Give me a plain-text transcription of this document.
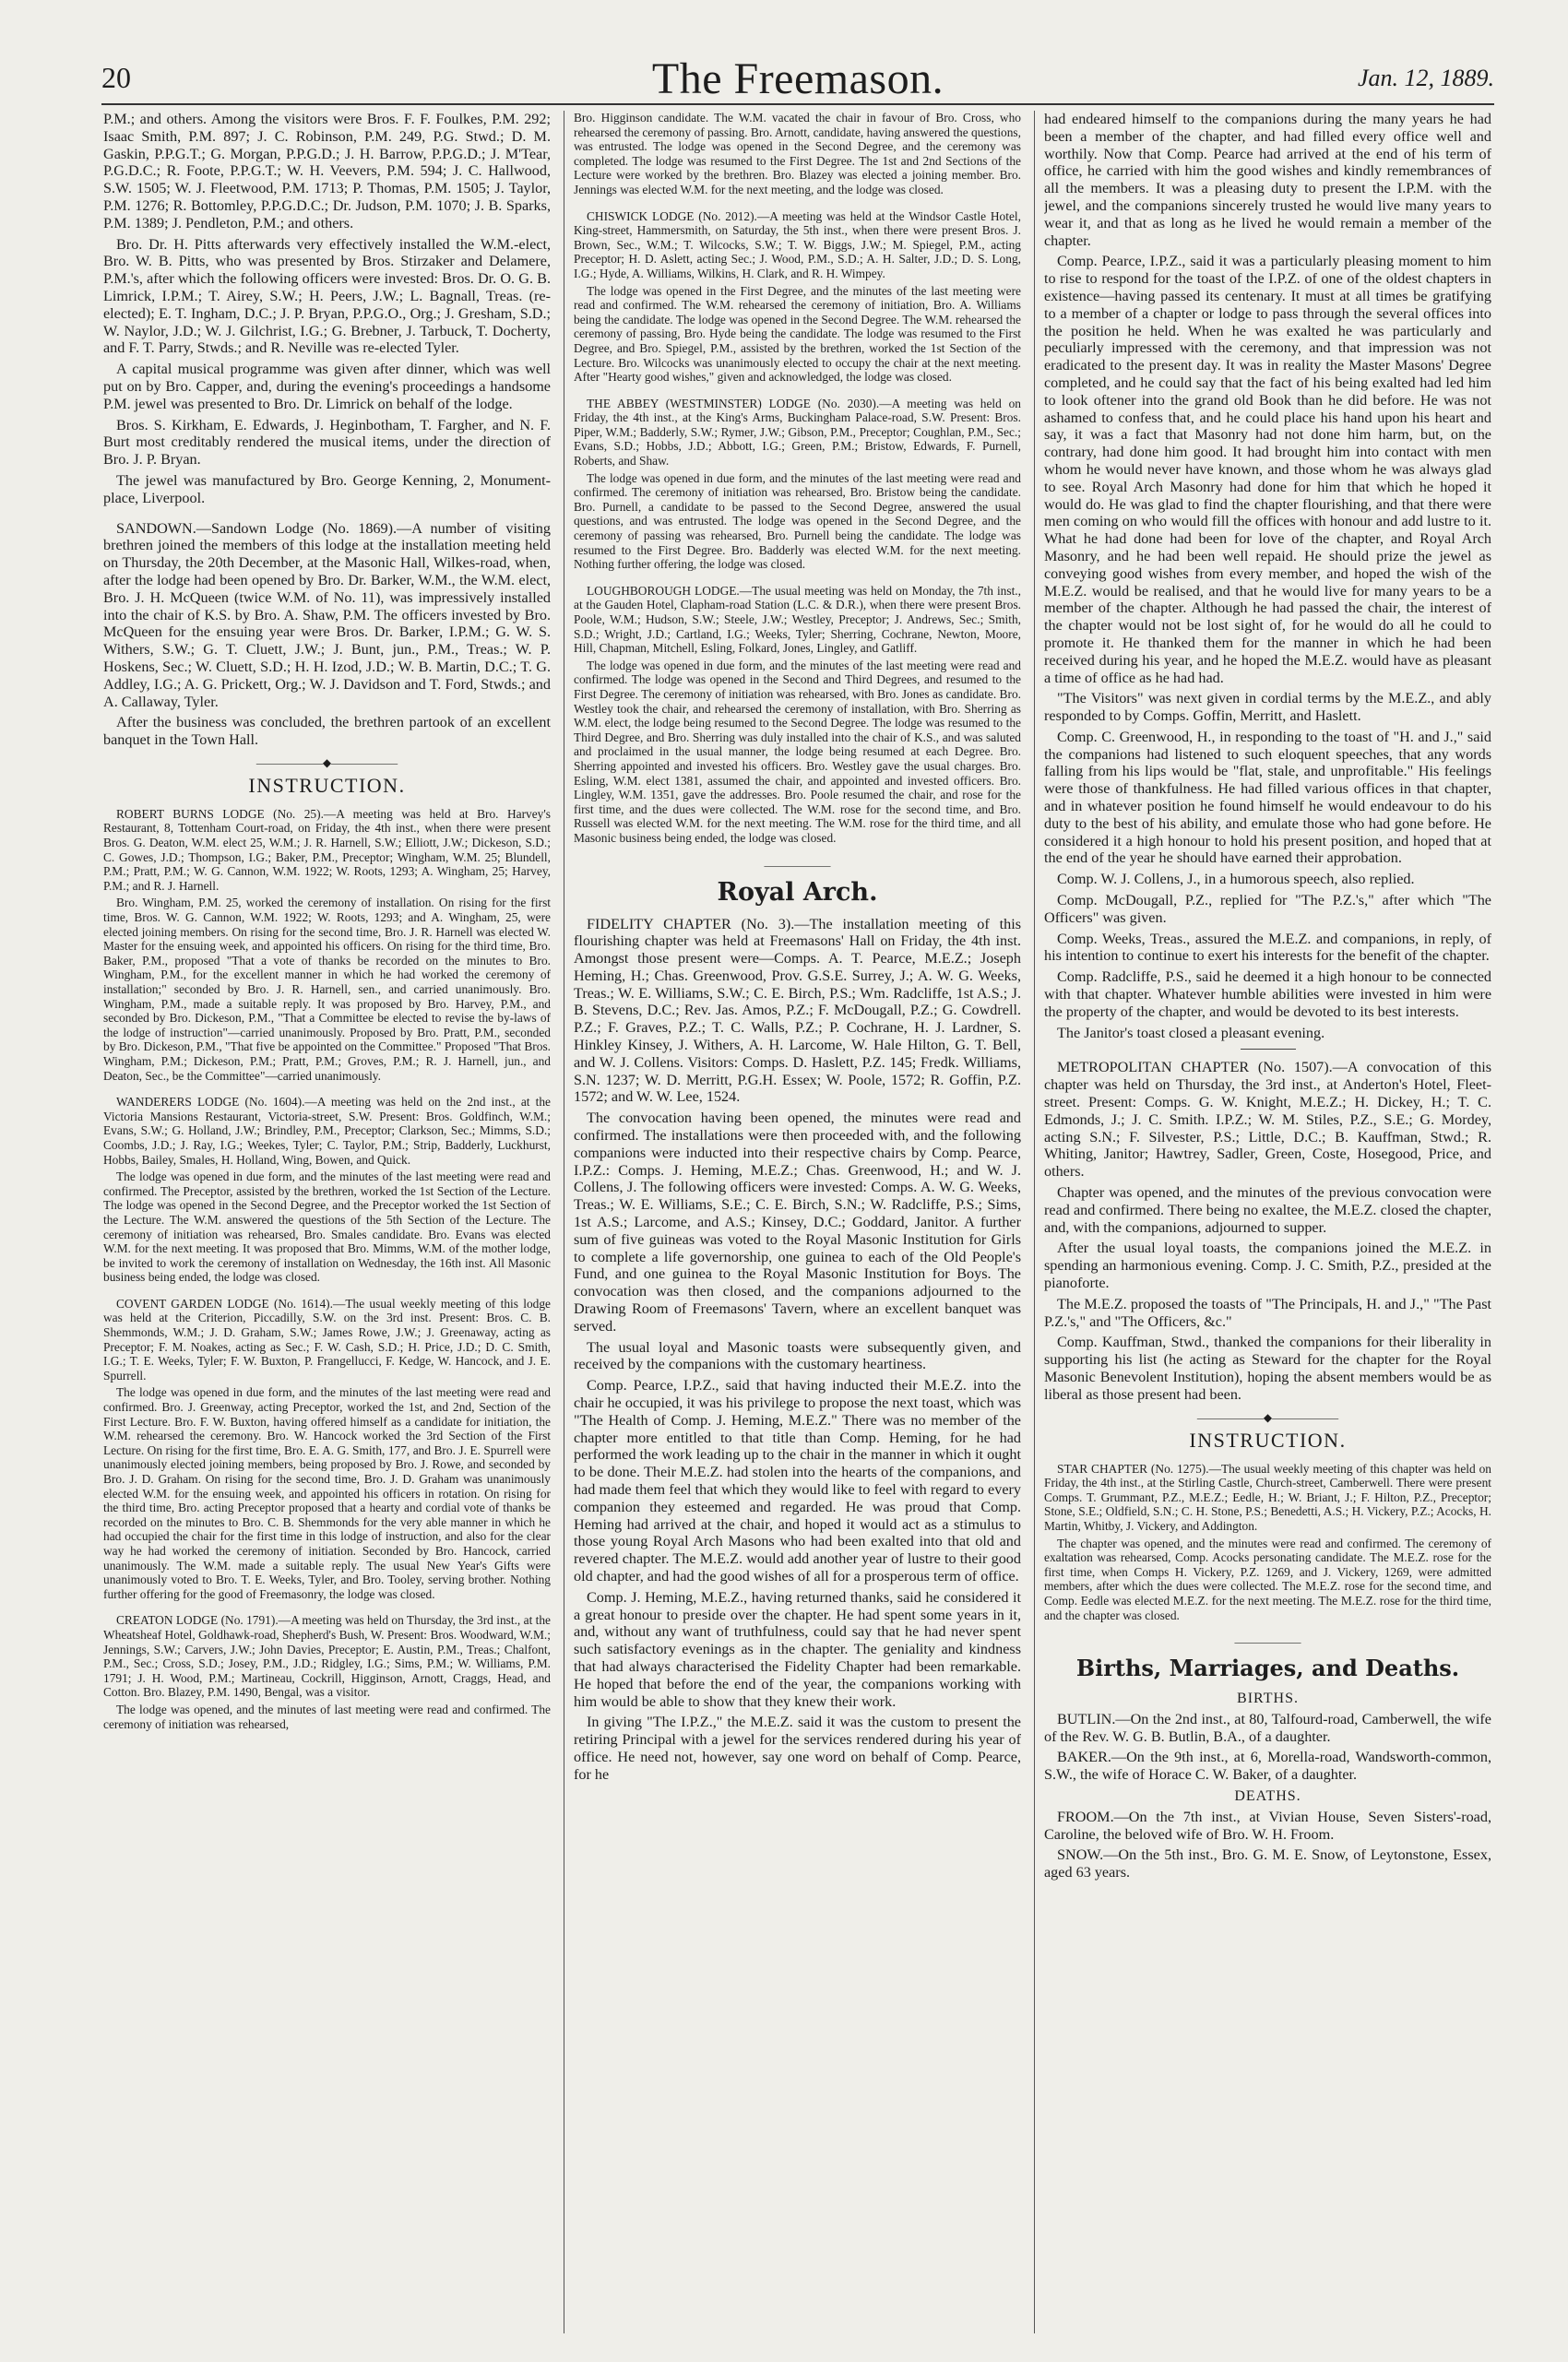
20	The Freemason.	Jan. 12, 1889.

P.M.; and others. Among the visitors were Bros. F. F. Foulkes, P.M. 292; Isaac Smith, P.M. 897; J. C. Robinson, P.M. 249, P.G. Stwd.; D. M. Gaskin, P.P.G.T.; G. Morgan, P.P.G.D.; J. H. Barrow, P.P.G.D.; J. M'Tear, P.G.D.C.; R. Foote, P.P.G.T.; W. H. Veevers, P.M. 594; J. C. Hallwood, S.W. 1505; W. J. Fleetwood, P.M. 1713; P. Thomas, P.M. 1505; J. Taylor, P.M. 1276; R. Bottomley, P.P.G.D.C.; Dr. Judson, P.M. 1070; J. B. Sparks, P.M. 1389; J. Pendleton, P.M.; and others.

Bro. Dr. H. Pitts afterwards very effectively installed the W.M.-elect, Bro. W. B. Pitts, who was presented by Bros. Stirzaker and Delamere, P.M.'s, after which the following officers were invested: Bros. Dr. O. G. B. Limrick, I.P.M.; T. Airey, S.W.; H. Peers, J.W.; L. Bagnall, Treas. (re-elected); E. T. Ingham, D.C.; J. P. Bryan, P.P.G.O., Org.; J. Gresham, S.D.; W. Naylor, J.D.; W. J. Gilchrist, I.G.; G. Brebner, J. Tarbuck, T. Docherty, and F. T. Parry, Stwds.; and R. Neville was re-elected Tyler.

A capital musical programme was given after dinner, which was well put on by Bro. Capper, and, during the evening's proceedings a handsome P.M. jewel was presented to Bro. Dr. Limrick on behalf of the lodge.

Bros. S. Kirkham, E. Edwards, J. Heginbotham, T. Fargher, and N. F. Burt most creditably rendered the musical items, under the direction of Bro. J. P. Bryan.

The jewel was manufactured by Bro. George Kenning, 2, Monument-place, Liverpool.

SANDOWN.—Sandown Lodge (No. 1869).—A number of visiting brethren joined the members of this lodge at the installation meeting held on Thursday, the 20th December, at the Masonic Hall, Wilkes-road, when, after the lodge had been opened by Bro. Dr. Barker, W.M., the W.M. elect, Bro. J. H. McQueen (twice W.M. of No. 11), was impressively installed into the chair of K.S. by Bro. A. Shaw, P.M. The officers invested by Bro. McQueen for the ensuing year were Bros. Dr. Barker, I.P.M.; G. W. S. Withers, S.W.; G. T. Cluett, J.W.; J. Bunt, jun., P.M., Treas.; W. P. Hoskens, Sec.; W. Cluett, S.D.; H. H. Izod, J.D.; W. B. Martin, D.C.; T. G. Addley, I.G.; A. G. Prickett, Org.; W. J. Davidson and T. Ford, Stwds.; and A. Callaway, Tyler.

After the business was concluded, the brethren partook of an excellent banquet in the Town Hall.

——————◆——————
INSTRUCTION.

ROBERT BURNS LODGE (No. 25).—A meeting was held at Bro. Harvey's Restaurant, 8, Tottenham Court-road, on Friday, the 4th inst., when there were present Bros. G. Deaton, W.M. elect 25, W.M.; J. R. Harnell, S.W.; Elliott, J.W.; Dickeson, S.D.; C. Gowes, J.D.; Thompson, I.G.; Baker, P.M., Preceptor; Wingham, W.M. 25; Blundell, P.M.; Pratt, P.M.; W. G. Cannon, W.M. 1922; W. Roots, 1293; A. Wingham, 25; Harvey, P.M.; and R. J. Harnell.

Bro. Wingham, P.M. 25, worked the ceremony of installation. On rising for the first time, Bros. W. G. Cannon, W.M. 1922; W. Roots, 1293; and A. Wingham, 25, were elected joining members. On rising for the second time, Bro. J. R. Harnell was elected W. Master for the ensuing week, and appointed his officers. On rising for the third time, Bro. Baker, P.M., proposed "That a vote of thanks be recorded on the minutes to Bro. Wingham, P.M., for the excellent manner in which he had worked the ceremony of installation;" seconded by Bro. J. R. Harnell, sen., and carried unanimously. Bro. Wingham, P.M., made a suitable reply. It was proposed by Bro. Harvey, P.M., and seconded by Bro. Dickeson, P.M., "That a Committee be elected to revise the by-laws of the lodge of instruction"—carried unanimously. Proposed by Bro. Pratt, P.M., seconded by Bro. Dickeson, P.M., "That five be appointed on the Committee." Proposed "That Bros. Wingham, P.M.; Dickeson, P.M.; Pratt, P.M.; Groves, P.M.; R. J. Harnell, jun., and Deaton, Sec., be the Committee"—carried unanimously.

WANDERERS LODGE (No. 1604).—A meeting was held on the 2nd inst., at the Victoria Mansions Restaurant, Victoria-street, S.W. Present: Bros. Goldfinch, W.M.; Evans, S.W.; G. Holland, J.W.; Brindley, P.M., Preceptor; Clarkson, Sec.; Mimms, S.D.; Coombs, J.D.; J. Ray, I.G.; Weekes, Tyler; C. Taylor, P.M.; Strip, Badderly, Luckhurst, Hobbs, Bailey, Smales, H. Holland, Wing, Bowen, and Quick.

The lodge was opened in due form, and the minutes of the last meeting were read and confirmed. The Preceptor, assisted by the brethren, worked the 1st Section of the Lecture. The lodge was opened in the Second Degree, and the Preceptor worked the 1st Section of the Lecture. The W.M. answered the questions of the 5th Section of the Lecture. The ceremony of initiation was rehearsed, Bro. Smales candidate. Bro. Evans was elected W.M. for the next meeting. It was proposed that Bro. Mimms, W.M. of the mother lodge, be invited to work the ceremony of installation on Wednesday, the 16th inst. All Masonic business being ended, the lodge was closed.

COVENT GARDEN LODGE (No. 1614).—The usual weekly meeting of this lodge was held at the Criterion, Piccadilly, S.W. on the 3rd inst. Present: Bros. C. B. Shemmonds, W.M.; J. D. Graham, S.W.; James Rowe, J.W.; J. Greenaway, acting as Preceptor; F. M. Noakes, acting as Sec.; F. W. Cash, S.D.; H. Price, J.D.; D. C. Smith, I.G.; T. E. Weeks, Tyler; F. W. Buxton, P. Frangellucci, F. Kedge, W. Hancock, and J. E. Spurrell.

The lodge was opened in due form, and the minutes of the last meeting were read and confirmed. Bro. J. Greenway, acting Preceptor, worked the 1st, and 2nd, Section of the First Lecture. Bro. F. W. Buxton, having offered himself as a candidate for initiation, the W.M. rehearsed the ceremony. Bro. W. Hancock worked the 3rd Section of the First Lecture. On rising for the first time, Bro. E. A. G. Smith, 177, and Bro. J. E. Spurrell were unanimously elected joining members, being proposed by Bro. J. Rowe, and seconded by Bro. J. D. Graham. On rising for the second time, Bro. J. D. Graham was unanimously elected W.M. for the ensuing week, and appointed his officers in rotation. On rising for the third time, Bro. acting Preceptor proposed that a hearty and cordial vote of thanks be recorded on the minutes to Bro. C. B. Shemmonds for the very able manner in which he had occupied the chair for the first time in this lodge of instruction, and also for the clear way he had worked the ceremony of initiation. Seconded by Bro. Hancock, carried unanimously. The W.M. made a suitable reply. The usual New Year's Gifts were unanimously voted to Bro. T. E. Weeks, Tyler, and Bro. Tooley, serving brother. Nothing further offering for the good of Freemasonry, the lodge was closed.

CREATON LODGE (No. 1791).—A meeting was held on Thursday, the 3rd inst., at the Wheatsheaf Hotel, Goldhawk-road, Shepherd's Bush, W. Present: Bros. Woodward, W.M.; Jennings, S.W.; Carvers, J.W.; John Davies, Preceptor; E. Austin, P.M., Treas.; Chalfont, P.M., Sec.; Cross, S.D.; Josey, P.M., J.D.; Ridgley, I.G.; Sims, P.M.; W. Williams, P.M. 1791; J. H. Wood, P.M.; Martineau, Cockrill, Higginson, Arnott, Craggs, Head, and Cotton. Bro. Blazey, P.M. 1490, Bengal, was a visitor.

The lodge was opened, and the minutes of last meeting were read and confirmed. The ceremony of initiation was rehearsed,

Bro. Higginson candidate. The W.M. vacated the chair in favour of Bro. Cross, who rehearsed the ceremony of passing. Bro. Arnott, candidate, having answered the questions, was entrusted. The lodge was opened in the Second Degree, and the ceremony was completed. The lodge was resumed to the First Degree. The 1st and 2nd Sections of the Lecture were worked by the brethren. Bro. Blazey was elected a joining member. Bro. Jennings was elected W.M. for the next meeting, and the lodge was closed.

CHISWICK LODGE (No. 2012).—A meeting was held at the Windsor Castle Hotel, King-street, Hammersmith, on Saturday, the 5th inst., when there were present Bros. J. Brown, Sec., W.M.; T. Wilcocks, S.W.; T. W. Biggs, J.W.; M. Spiegel, P.M., acting Preceptor; H. D. Aslett, acting Sec.; J. Wood, P.M., S.D.; A. H. Salter, J.D.; D. S. Long, I.G.; Hyde, A. Williams, Wilkins, H. Clark, and R. H. Wimpey.

The lodge was opened in the First Degree, and the minutes of the last meeting were read and confirmed. The W.M. rehearsed the ceremony of initiation, Bro. A. Williams being the candidate. The lodge was opened in the Second Degree. The W.M. rehearsed the ceremony of passing, Bro. Hyde being the candidate. The lodge was resumed to the First Degree, and Bro. Spiegel, P.M., assisted by the brethren, worked the 1st Section of the Lecture. Bro. Wilcocks was unanimously elected to occupy the chair at the next meeting. After "Hearty good wishes," given and acknowledged, the lodge was closed.

THE ABBEY (WESTMINSTER) LODGE (No. 2030).—A meeting was held on Friday, the 4th inst., at the King's Arms, Buckingham Palace-road, S.W. Present: Bros. Piper, W.M.; Badderly, S.W.; Rymer, J.W.; Gibson, P.M., Preceptor; Coughlan, P.M., Sec.; Evans, S.D.; Hobbs, J.D.; Abbott, I.G.; Green, P.M.; Bristow, Edwards, F. Purnell, Roberts, and Shaw.

The lodge was opened in due form, and the minutes of the last meeting were read and confirmed. The ceremony of initiation was rehearsed, Bro. Bristow being the candidate. Bro. Purnell, a candidate to be passed to the Second Degree, answered the usual questions, and was entrusted. The lodge was opened in the Second Degree, and the ceremony of passing was rehearsed, Bro. Purnell being the candidate. The lodge was resumed to the First Degree. Bro. Badderly was elected W.M. for the next meeting. Nothing further offering, the lodge was closed.

LOUGHBOROUGH LODGE.—The usual meeting was held on Monday, the 7th inst., at the Gauden Hotel, Clapham-road Station (L.C. & D.R.), when there were present Bros. Poole, W.M.; Hudson, S.W.; Steele, J.W.; Westley, Preceptor; J. Andrews, Sec.; Smith, S.D.; Wright, J.D.; Cartland, I.G.; Weeks, Tyler; Sherring, Cochrane, Newton, Moore, Hill, Chapman, Mitchell, Esling, Folkard, Jones, Lingley, and Gatliff.

The lodge was opened in due form, and the minutes of the last meeting were read and confirmed. The lodge was opened in the Second and Third Degrees, and resumed to the First Degree. The ceremony of initiation was rehearsed, with Bro. Jones as candidate. Bro. Westley took the chair, and rehearsed the ceremony of installation, with Bro. Sherring as W.M. elect, the lodge being resumed to the Second Degree. The lodge was resumed to the Third Degree, and Bro. Sherring was duly installed into the chair of K.S., and was saluted and proclaimed in the usual manner, the lodge being resumed at each Degree. Bro. Sherring appointed and invested his officers. Bro. Westley gave the usual charges. Bro. Esling, W.M. elect 1381, assumed the chair, and appointed and invested officers. Bro. Lingley, W.M. 1351, gave the addresses. Bro. Poole resumed the chair, and rose for the first time, and the dues were collected. The W.M. rose for the second time, and Bro. Russell was elected W.M. for the next meeting. The W.M. rose for the third time, and all Masonic business being ended, the lodge was closed.

——————
Royal Arch.

FIDELITY CHAPTER (No. 3).—The installation meeting of this flourishing chapter was held at Freemasons' Hall on Friday, the 4th inst. Amongst those present were—Comps. A. T. Pearce, M.E.Z.; Joseph Heming, H.; Chas. Greenwood, Prov. G.S.E. Surrey, J.; A. W. G. Weeks, Treas.; W. E. Williams, S.W.; C. E. Birch, P.S.; Wm. Radcliffe, 1st A.S.; J. B. Stevens, D.C.; Rev. Jas. Amos, P.Z.; F. McDougall, P.Z.; G. Cowdrell. P.Z.; F. Graves, P.Z.; T. C. Walls, P.Z.; P. Cochrane, H. J. Lardner, S. Hinkley Kinsey, J. Withers, A. H. Larcome, W. Hale Hilton, G. T. Bell, and W. J. Collens. Visitors: Comps. D. Haslett, P.Z. 145; Fredk. Williams, S.N. 1237; W. D. Merritt, P.G.H. Essex; W. Poole, 1572; R. Goffin, P.Z. 1572; and W. W. Lee, 1524.

The convocation having been opened, the minutes were read and confirmed. The installations were then proceeded with, and the following companions were inducted into their respective chairs by Comp. Pearce, I.P.Z.: Comps. J. Heming, M.E.Z.; Chas. Greenwood, H.; and W. J. Collens, J. The following officers were invested: Comps. A. W. G. Weeks, Treas.; W. E. Williams, S.E.; C. E. Birch, S.N.; W. Radcliffe, P.S.; Sims, 1st A.S.; Larcome, and A.S.; Kinsey, D.C.; Goddard, Janitor. A further sum of five guineas was voted to the Royal Masonic Institution for Girls to complete a life governorship, one guinea to each of the Old People's Fund, and one guinea to the Royal Masonic Institution for Boys. The convocation was then closed, and the companions adjourned to the Drawing Room of Freemasons' Tavern, where an excellent banquet was served.

The usual loyal and Masonic toasts were subsequently given, and received by the companions with the customary heartiness.

Comp. Pearce, I.P.Z., said that having inducted their M.E.Z. into the chair he occupied, it was his privilege to propose the next toast, which was "The Health of Comp. J. Heming, M.E.Z." There was no member of the chapter more entitled to that title than Comp. Heming, for he had performed the work leading up to the chair in the manner in which it ought to be done. Their M.E.Z. had stolen into the hearts of the companions, and had made them feel that which they would like to feel with regard to every companion they esteemed and regarded. He was proud that Comp. Heming had arrived at the chair, and hoped it would act as a stimulus to those young Royal Arch Masons who had been exalted into that old and revered chapter. The M.E.Z. would add another year of lustre to their good old chapter, and had the good wishes of all for a prosperous term of office.

Comp. J. Heming, M.E.Z., having returned thanks, said he considered it a great honour to preside over the chapter. He had spent some years in it, and, without any want of truthfulness, could say that he had never spent such satisfactory evenings as in the chapter. The geniality and kindness that had always characterised the Fidelity Chapter had been remarkable. He hoped that before the end of the year, the companions working with him would be able to show that they knew their work.

In giving "The I.P.Z.," the M.E.Z. said it was the custom to present the retiring Principal with a jewel for the services rendered during his year of office. He need not, however, say one word on behalf of Comp. Pearce, for he

had endeared himself to the companions during the many years he had been a member of the chapter, and had filled every office well and worthily. Now that Comp. Pearce had arrived at the end of his term of office, he carried with him the good wishes and kindly remembrances of all the members. It was a pleasing duty to present the I.P.M. with the jewel, and the companions sincerely trusted he would live many years to wear it, and that as long as he lived he would remain a member of the chapter.

Comp. Pearce, I.P.Z., said it was a particularly pleasing moment to him to rise to respond for the toast of the I.P.Z. of one of the oldest chapters in existence—having passed its centenary. It must at all times be gratifying to a member of a chapter or lodge to pass through the several offices into the position he held. When he was exalted he was particularly and peculiarly impressed with the ceremony, and that impression was not eradicated to the present day. It was in reality the Master Masons' Degree completed, and he could say that the fact of his being exalted had led him to look oftener into the grand old Book than he did before. He was not ashamed to confess that, and he could place his hand upon his heart and say, it was a fact that Masonry had not done him harm, but, on the contrary, had done him good. It had brought him into contact with men whom he would never have known, and those whom he was always glad to see. Royal Arch Masonry had done for him that which he hoped it would do. He was glad to find the chapter flourishing, and that there were men coming on who would fill the offices with honour and add lustre to it. What he had done had been for love of the chapter, and Royal Arch Masonry, and he had been well repaid. He should prize the jewel as conveying good wishes from every member, and hoped the wish of the M.E.Z. would be realised, and that he would live for many years to be a member of the chapter. Although he had passed the chair, the interest of the chapter would not be lost sight of, for he would do all he could to promote it. He thanked them for the manner in which he had been received during his year, and he hoped the M.E.Z. would have as pleasant a time of office as he had had.

"The Visitors" was next given in cordial terms by the M.E.Z., and ably responded to by Comps. Goffin, Merritt, and Haslett.

Comp. C. Greenwood, H., in responding to the toast of "H. and J.," said the companions had listened to such eloquent speeches, that any words falling from his lips would be "flat, stale, and unprofitable." His feelings were those of thankfulness. He had filled various offices in that chapter, and in whatever position he found himself he would endeavour to do his duty to the best of his ability, and emulate those who had gone before. He considered it a high honour to hold his present position, and hoped that at the end of the year he should have earned their approbation.

Comp. W. J. Collens, J., in a humorous speech, also replied.

Comp. McDougall, P.Z., replied for "The P.Z.'s," after which "The Officers" was given.

Comp. Weeks, Treas., assured the M.E.Z. and companions, in reply, of his intention to continue to exert his interests for the benefit of the chapter.

Comp. Radcliffe, P.S., said he deemed it a high honour to be connected with that chapter. Whatever humble abilities were invested in him were the property of the chapter, and would be devoted to its best interests.

The Janitor's toast closed a pleasant evening.

METROPOLITAN CHAPTER (No. 1507).—A convocation of this chapter was held on Thursday, the 3rd inst., at Anderton's Hotel, Fleet-street. Present: Comps. G. W. Knight, M.E.Z.; H. Dickey, H.; T. C. Edmonds, J.; J. C. Smith. I.P.Z.; W. M. Stiles, P.Z., S.E.; G. Mordey, acting S.N.; F. Silvester, P.S.; Little, D.C.; B. Kauffman, Stwd.; R. Whiting, Janitor; Hawtrey, Sadler, Green, Coste, Hosegood, Price, and others.

Chapter was opened, and the minutes of the previous convocation were read and confirmed. There being no exaltee, the M.E.Z. closed the chapter, and, with the companions, adjourned to supper.

After the usual loyal toasts, the companions joined the M.E.Z. in spending an harmonious evening. Comp. J. C. Smith, P.Z., presided at the pianoforte.

The M.E.Z. proposed the toasts of "The Principals, H. and J.," "The Past P.Z.'s," and "The Officers, &c."

Comp. Kauffman, Stwd., thanked the companions for their liberality in supporting his list (he acting as Steward for the chapter for the Royal Masonic Benevolent Institution), hoping the absent members would be as liberal as those present had been.

——————◆——————
INSTRUCTION.

STAR CHAPTER (No. 1275).—The usual weekly meeting of this chapter was held on Friday, the 4th inst., at the Stirling Castle, Church-street, Camberwell. There were present Comps. T. Grummant, P.Z., M.E.Z.; Eedle, H.; W. Briant, J.; F. Hilton, P.Z., Preceptor; Stone, S.E.; Oldfield, S.N.; C. H. Stone, P.S.; Benedetti, A.S.; H. Vickery, P.Z.; Acocks, H. Martin, Whitby, J. Vickery, and Addington.

The chapter was opened, and the minutes were read and confirmed. The ceremony of exaltation was rehearsed, Comp. Acocks personating candidate. The M.E.Z. rose for the first time, when Comps H. Vickery, P.Z. 1269, and J. Vickery, 1269, were admitted members, after which the dues were collected. The M.E.Z. rose for the second time, and Comp. Eedle was elected M.E.Z. for the next meeting. The M.E.Z. rose for the third time, and the chapter was closed.

——————
Births, Marriages, and Deaths.
BIRTHS.

BUTLIN.—On the 2nd inst., at 80, Talfourd-road, Camberwell, the wife of the Rev. W. G. B. Butlin, B.A., of a daughter.

BAKER.—On the 9th inst., at 6, Morella-road, Wandsworth-common, S.W., the wife of Horace C. W. Baker, of a daughter.

DEATHS.

FROOM.—On the 7th inst., at Vivian House, Seven Sisters'-road, Caroline, the beloved wife of Bro. W. H. Froom.

SNOW.—On the 5th inst., Bro. G. M. E. Snow, of Leytonstone, Essex, aged 63 years.
